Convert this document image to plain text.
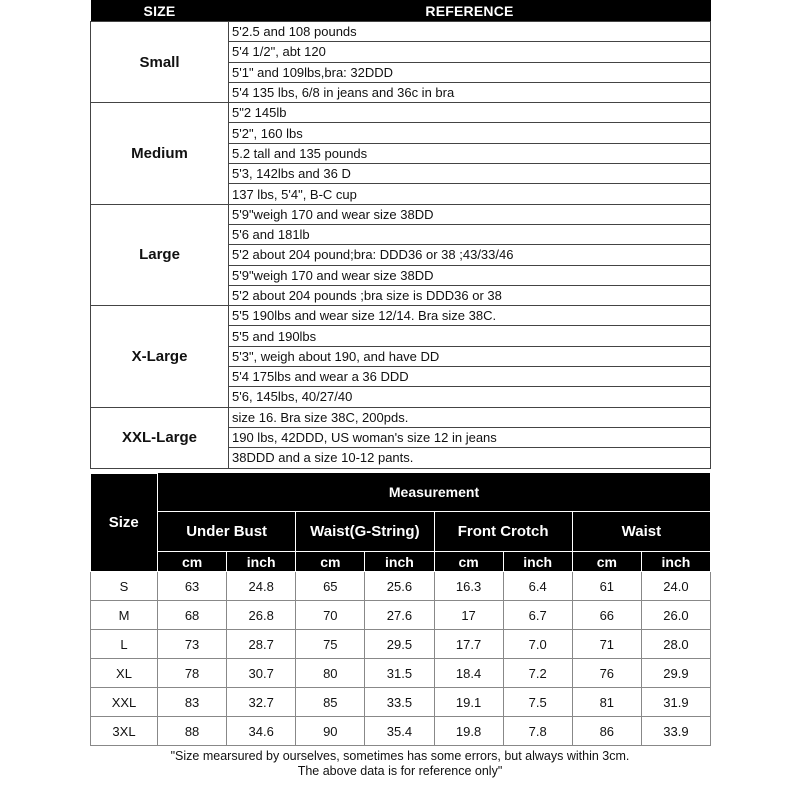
SIZE	REFERENCE
Small	5'2.5 and 108 pounds
	5'4 1/2", abt 120
	5'1" and 109lbs,bra: 32DDD
	5'4 135 lbs, 6/8 in jeans and 36c in bra
Medium	5"2 145lb
	5'2", 160 lbs
	5.2 tall and 135 pounds
	5'3, 142lbs and 36 D
	137 lbs, 5'4", B-C cup
Large	5'9"weigh 170 and wear size 38DD
	5'6 and 181lb
	5'2 about 204 pound;bra: DDD36 or 38 ;43/33/46
	5'9"weigh 170 and wear size 38DD
	5'2 about 204 pounds ;bra size is DDD36 or 38
X-Large	5'5 190lbs and wear size 12/14. Bra size 38C.
	5'5 and 190lbs
	5'3", weigh about 190, and have DD
	5'4 175lbs and wear a 36 DDD
	5'6, 145lbs, 40/27/40
XXL-Large	size 16. Bra size 38C, 200pds.
	190 lbs, 42DDD, US woman's size 12 in jeans
	38DDD and a size 10-12 pants.
Size	Measurement							
	Under Bust		Waist(G-String)		Front Crotch		Waist	
	cm	inch	cm	inch	cm	inch	cm	inch
S	63	24.8	65	25.6	16.3	6.4	61	24.0
M	68	26.8	70	27.6	17	6.7	66	26.0
L	73	28.7	75	29.5	17.7	7.0	71	28.0
XL	78	30.7	80	31.5	18.4	7.2	76	29.9
XXL	83	32.7	85	33.5	19.1	7.5	81	31.9
3XL	88	34.6	90	35.4	19.8	7.8	86	33.9
"Size mearsured by ourselves, sometimes has some errors, but always within 3cm.
The above data is for reference only"
